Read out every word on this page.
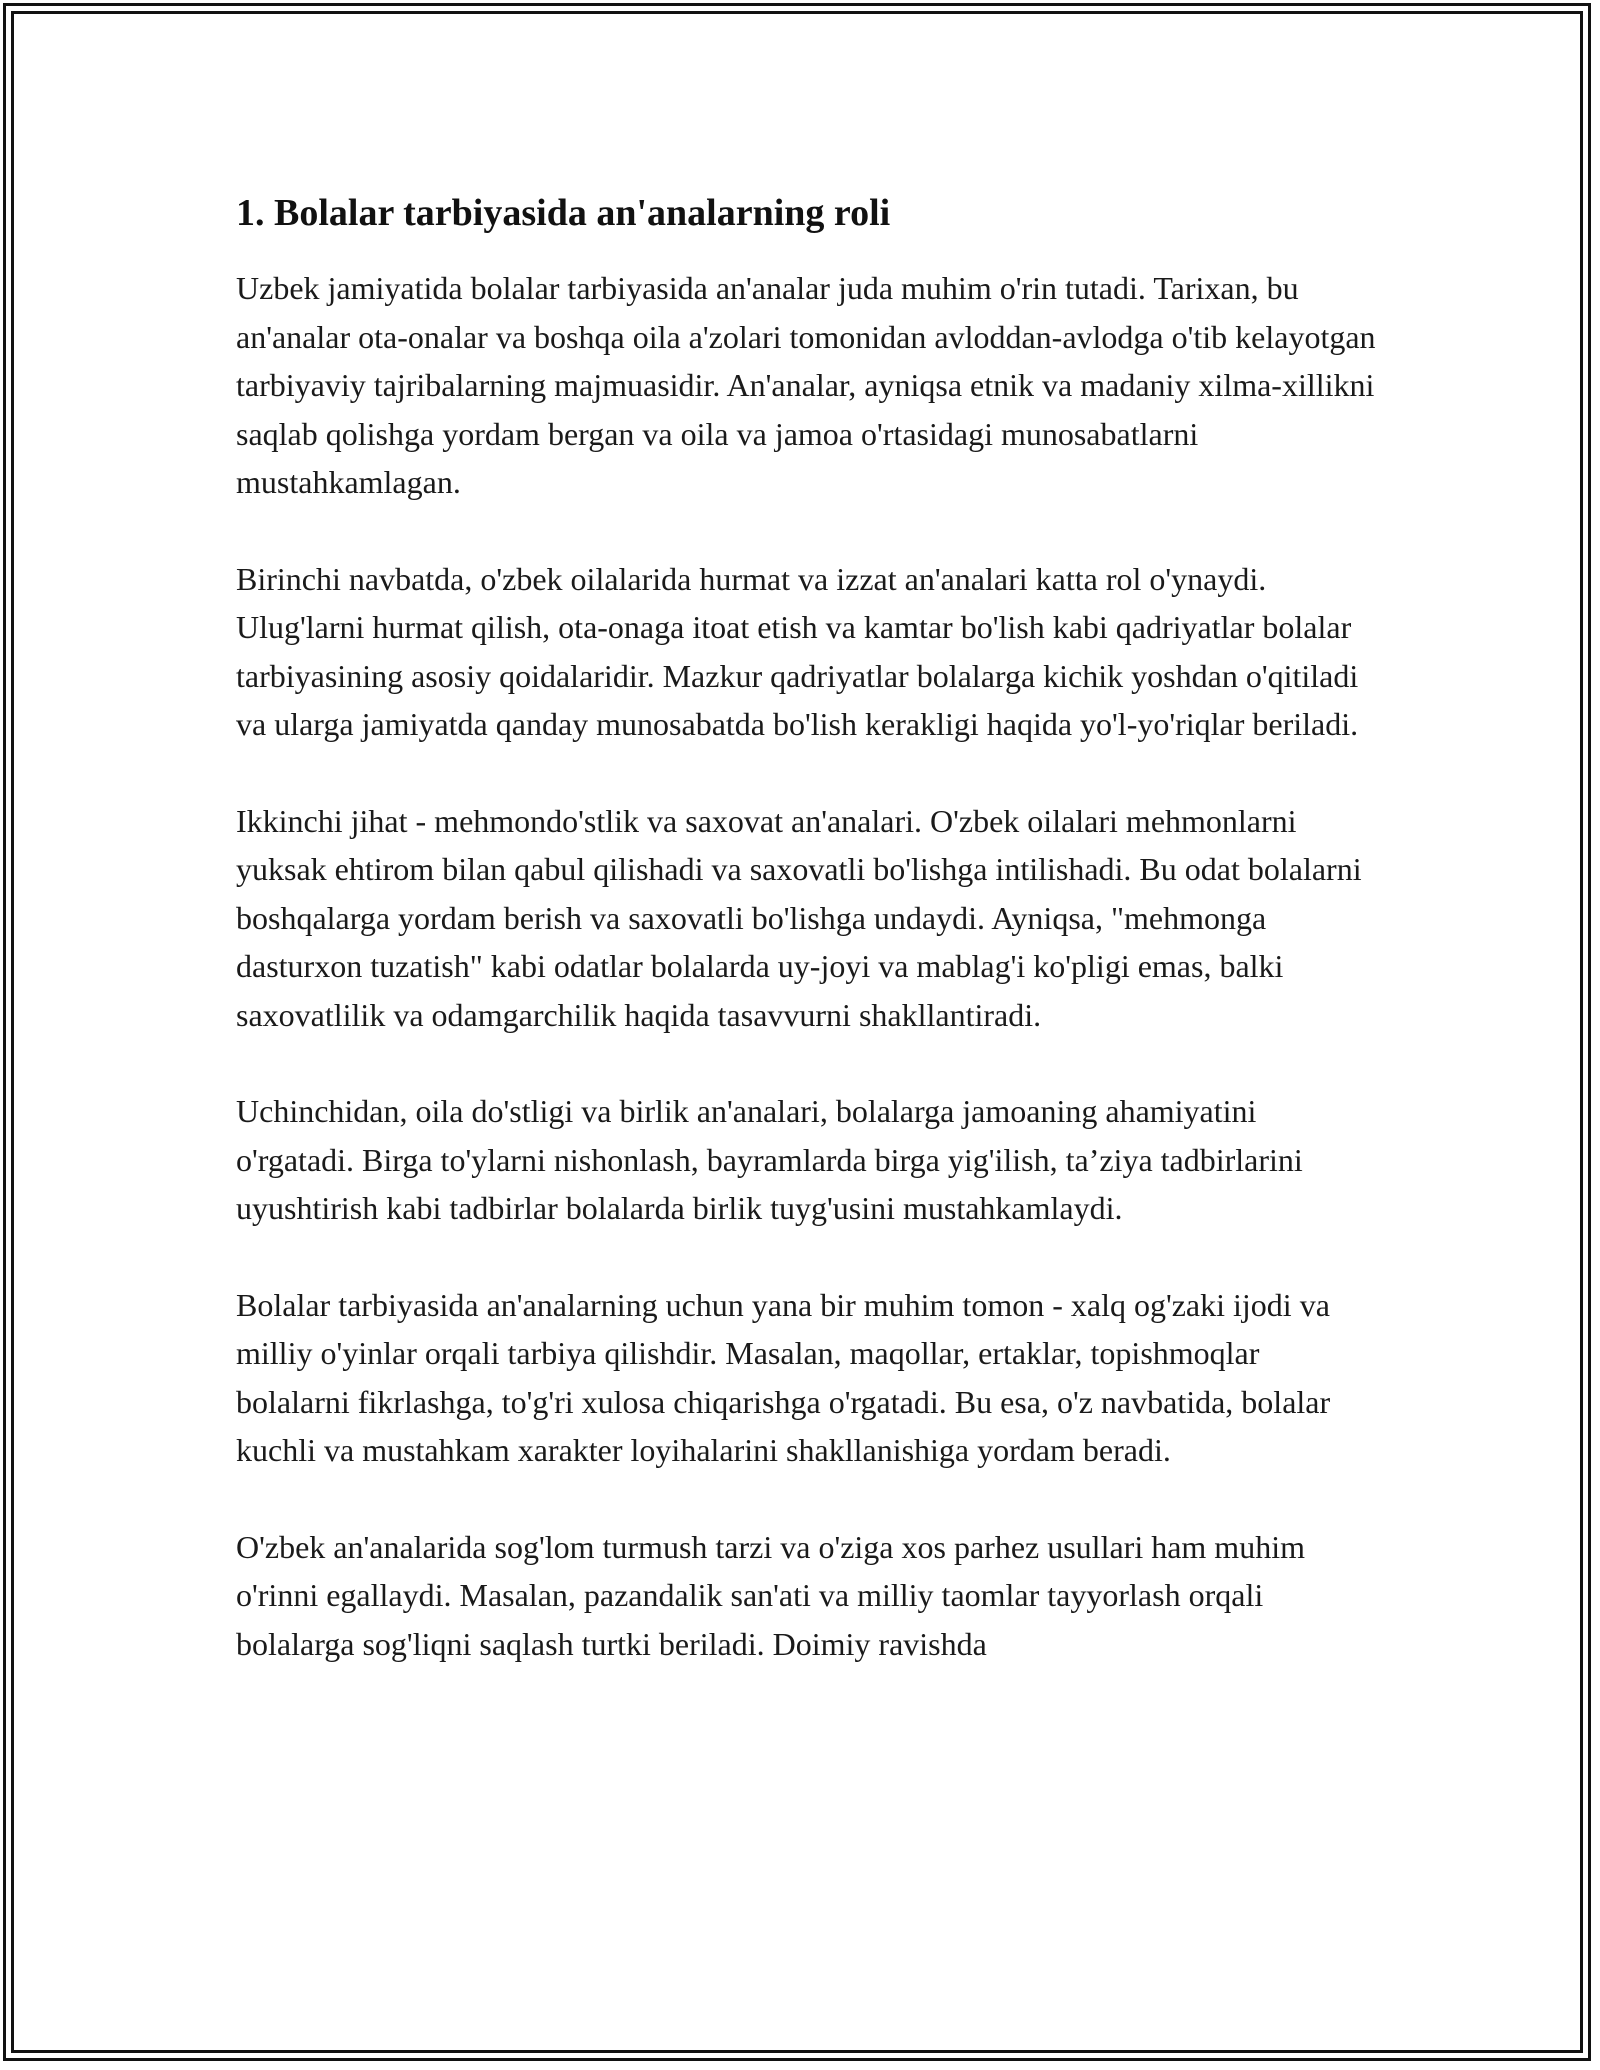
1. Bolalar tarbiyasida an'analarning roli

Uzbek jamiyatida bolalar tarbiyasida an'analar juda muhim o'rin tutadi. Tarixan, bu an'analar ota-onalar va boshqa oila a'zolari tomonidan avloddan-avlodga o'tib kelayotgan tarbiyaviy tajribalarning majmuasidir. An'analar, ayniqsa etnik va madaniy xilma-xillikni saqlab qolishga yordam bergan va oila va jamoa o'rtasidagi munosabatlarni mustahkamlagan.

Birinchi navbatda, o'zbek oilalarida hurmat va izzat an'analari katta rol o'ynaydi. Ulug'larni hurmat qilish, ota-onaga itoat etish va kamtar bo'lish kabi qadriyatlar bolalar tarbiyasining asosiy qoidalaridir. Mazkur qadriyatlar bolalarga kichik yoshdan o'qitiladi va ularga jamiyatda qanday munosabatda bo'lish kerakligi haqida yo'l-yo'riqlar beriladi.

Ikkinchi jihat - mehmondo'stlik va saxovat an'analari. O'zbek oilalari mehmonlarni yuksak ehtirom bilan qabul qilishadi va saxovatli bo'lishga intilishadi. Bu odat bolalarni boshqalarga yordam berish va saxovatli bo'lishga undaydi. Ayniqsa, "mehmonga dasturxon tuzatish" kabi odatlar bolalarda uy-joyi va mablag'i ko'pligi emas, balki saxovatlilik va odamgarchilik haqida tasavvurni shakllantiradi.

Uchinchidan, oila do'stligi va birlik an'analari, bolalarga jamoaning ahamiyatini o'rgatadi. Birga to'ylarni nishonlash, bayramlarda birga yig'ilish, ta’ziya tadbirlarini uyushtirish kabi tadbirlar bolalarda birlik tuyg'usini mustahkamlaydi.

Bolalar tarbiyasida an'analarning uchun yana bir muhim tomon - xalq og'zaki ijodi va milliy o'yinlar orqali tarbiya qilishdir. Masalan, maqollar, ertaklar, topishmoqlar bolalarni fikrlashga, to'g'ri xulosa chiqarishga o'rgatadi. Bu esa, o'z navbatida, bolalar kuchli va mustahkam xarakter loyihalarini shakllanishiga yordam beradi.

O'zbek an'analarida sog'lom turmush tarzi va o'ziga xos parhez usullari ham muhim o'rinni egallaydi. Masalan, pazandalik san'ati va milliy taomlar tayyorlash orqali bolalarga sog'liqni saqlash turtki beriladi. Doimiy ravishda
